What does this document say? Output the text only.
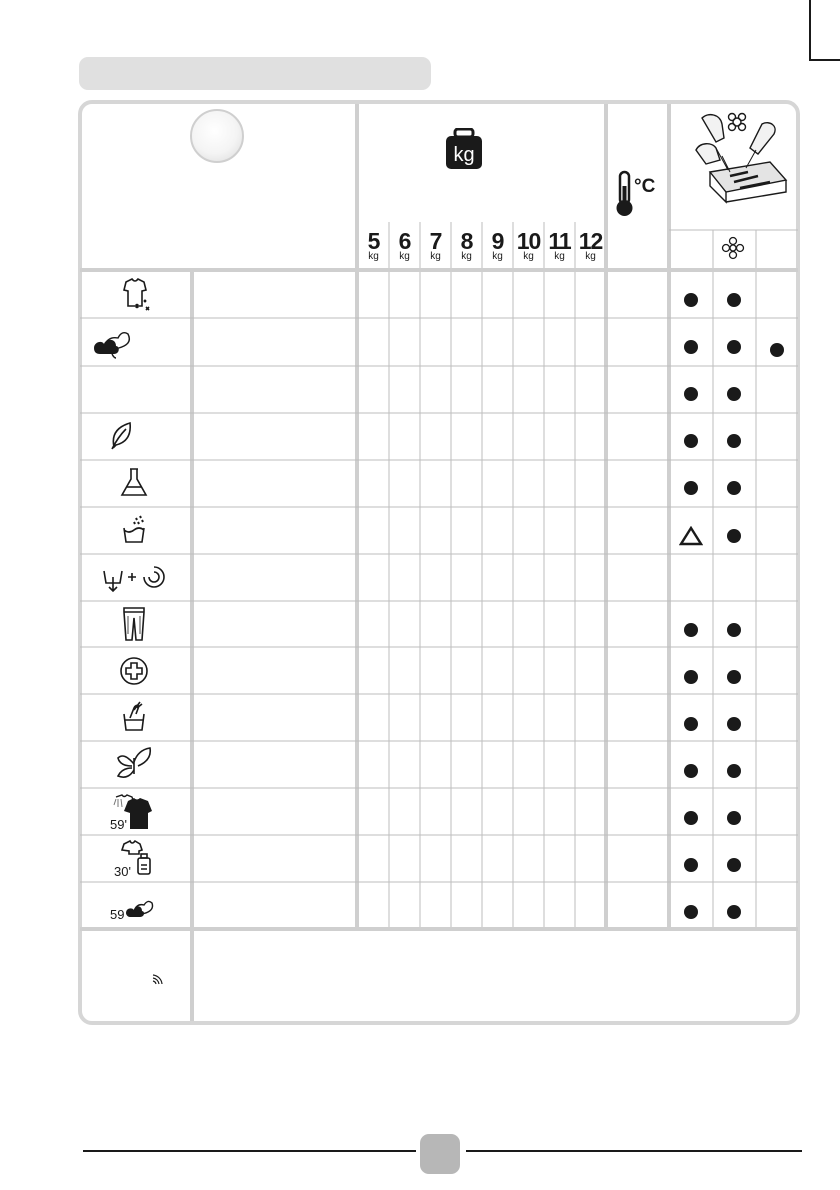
kg
5
kg
6
kg
7
kg
8
kg
9
kg
10
kg
11
kg
12
kg
°C
59'
30'
59
